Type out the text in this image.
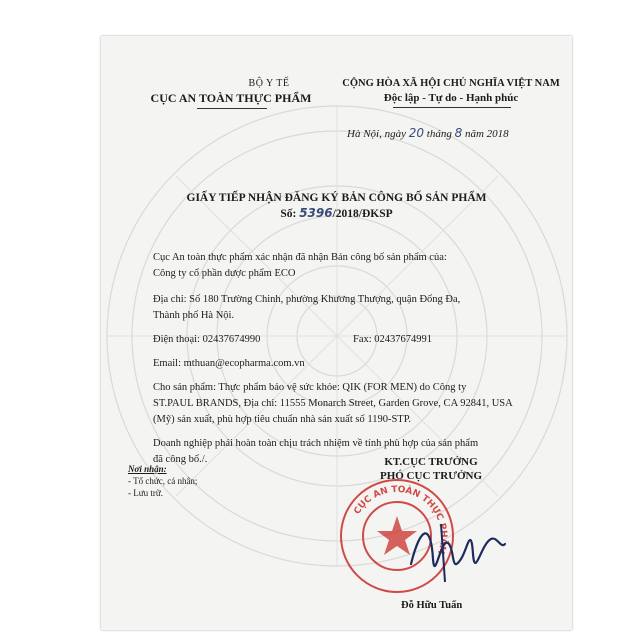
BỘ Y TẾ
CỤC AN TOÀN THỰC PHẨM
CỘNG HÒA XÃ HỘI CHỦ NGHĨA VIỆT NAM
Độc lập - Tự do - Hạnh phúc
Hà Nội, ngày 20 tháng 8 năm 2018
GIẤY TIẾP NHẬN ĐĂNG KÝ BẢN CÔNG BỐ SẢN PHẨM
Số: 5396/2018/ĐKSP
Cục An toàn thực phẩm xác nhận đã nhận Bản công bố sản phẩm của:
Công ty cổ phần dược phẩm ECO
Địa chỉ: Số 180 Trường Chinh, phường Khương Thượng, quận Đống Đa,
Thành phố Hà Nội.
Điện thoại: 02437674990	Fax: 02437674991
Email: mthuan@ecopharma.com.vn
Cho sản phẩm: Thực phẩm bảo vệ sức khỏe: QIK (FOR MEN) do Công ty
ST.PAUL BRANDS, Địa chỉ: 11555 Monarch Street, Garden Grove, CA 92841, USA
(Mỹ) sản xuất, phù hợp tiêu chuẩn nhà sản xuất số 1190-STP.
Doanh nghiệp phải hoàn toàn chịu trách nhiệm về tính phù hợp của sản phẩm
đã công bố./.
Nơi nhận:
- Tổ chức, cá nhân;
- Lưu trữ.
KT.CỤC TRƯỞNG
PHÓ CỤC TRƯỞNG
CỤC AN TOÀN THỰC PHẨM
Đỗ Hữu Tuấn
